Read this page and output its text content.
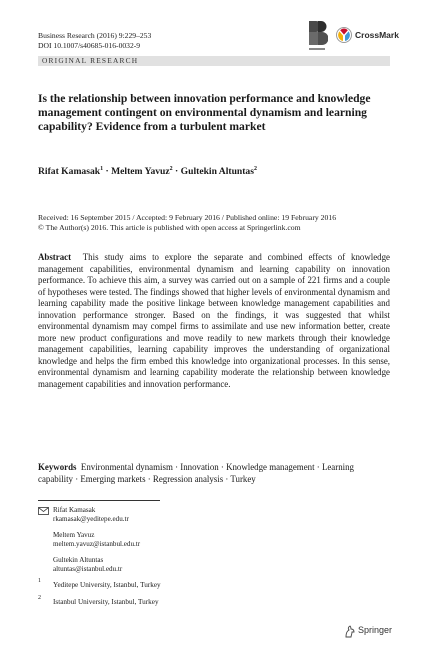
Business Research (2016) 9:229–253
DOI 10.1007/s40685-016-0032-9
CrossMark
ORIGINAL RESEARCH
Is the relationship between innovation performance and knowledge management contingent on environmental dynamism and learning capability? Evidence from a turbulent market
Rifat Kamasak$^1$ · Meltem Yavuz$^2$ · Gultekin Altuntas$^2$
Received: 16 September 2015 / Accepted: 9 February 2016 / Published online: 19 February 2016
© The Author(s) 2016. This article is published with open access at Springerlink.com

Abstract This study aims to explore the separate and combined effects of knowledge management capabilities, environmental dynamism and learning capability on innovation performance. To achieve this aim, a survey was carried out on a sample of 221 firms and a couple of hypotheses were tested. The findings showed that higher levels of environmental dynamism and learning capability made the positive linkage between knowledge management capabilities and innovation performance stronger. Based on the findings, it was suggested that whilst environmental dynamism may compel firms to assimilate and use new information better, create more new product configurations and move readily to new markets through their knowledge management capabilities, learning capability improves the understanding of organizational knowledge and helps the firm embed this knowledge into organizational processes. In this sense, environmental dynamism and learning capability moderate the relationship between knowledge management capabilities and innovation performance.

Keywords Environmental dynamism · Innovation · Knowledge management · Learning capability · Emerging markets · Regression analysis · Turkey

Rifat Kamasak
rkamasak@yeditepe.edu.tr
Meltem Yavuz
meltem.yavuz@istanbul.edu.tr
Gultekin Altuntas
altuntas@istanbul.edu.tr
1 Yeditepe University, Istanbul, Turkey
2 Istanbul University, Istanbul, Turkey
Springer
